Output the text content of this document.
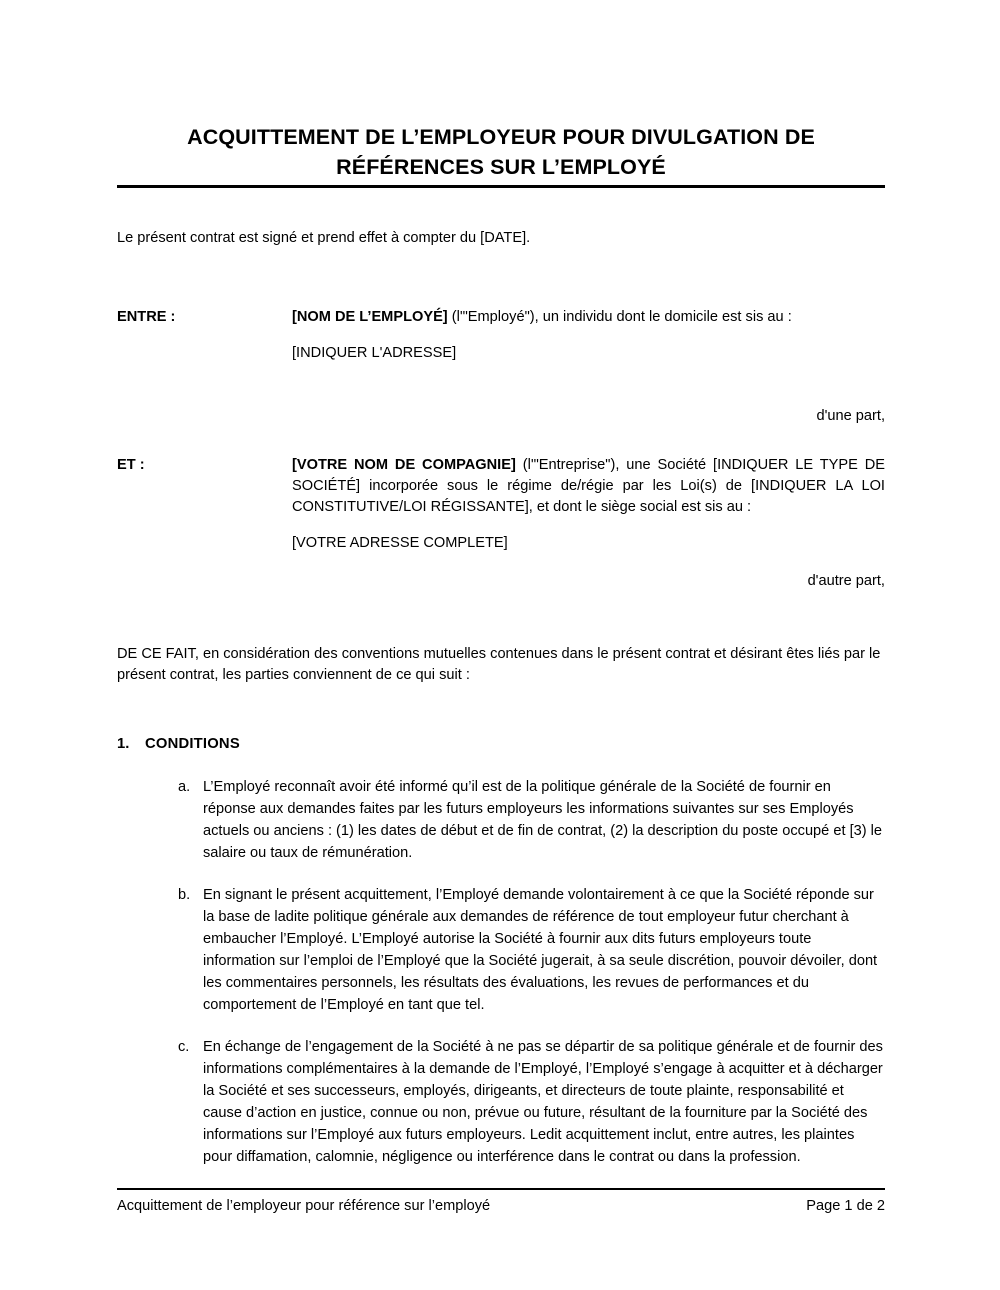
ACQUITTEMENT DE L’EMPLOYEUR POUR DIVULGATION DE RÉFÉRENCES SUR L’EMPLOYÉ

Le présent contrat est signé et prend effet à compter du [DATE].

ENTRE :	[NOM DE L’EMPLOYÉ] (l'"Employé"), un individu dont le domicile est sis au :
[INDIQUER L'ADRESSE]
d'une part,
ET :	[VOTRE NOM DE COMPAGNIE] (l'"Entreprise"), une Société [INDIQUER LE TYPE DE SOCIÉTÉ] incorporée sous le régime de/régie par les Loi(s) de [INDIQUER LA LOI CONSTITUTIVE/LOI RÉGISSANTE], et dont le siège social est sis au :
[VOTRE ADRESSE COMPLETE]
d'autre part,

DE CE FAIT, en considération des conventions mutuelles contenues dans le présent contrat et désirant êtes liés par le présent contrat, les parties conviennent de ce qui suit :

1.	CONDITIONS
a. L’Employé reconnaît avoir été informé qu’il est de la politique générale de la Société de fournir en réponse aux demandes faites par les futurs employeurs les informations suivantes sur ses Employés actuels ou anciens : (1) les dates de début et de fin de contrat, (2) la description du poste occupé et [3) le salaire ou taux de rémunération.
b. En signant le présent acquittement, l’Employé demande volontairement à ce que la Société réponde sur la base de ladite politique générale aux demandes de référence de tout employeur futur cherchant à embaucher l’Employé. L’Employé autorise la Société à fournir aux dits futurs employeurs toute information sur l’emploi de l’Employé que la Société jugerait, à sa seule discrétion, pouvoir dévoiler, dont les commentaires personnels, les résultats des évaluations, les revues de performances et du comportement de l’Employé en tant que tel.
c. En échange de l’engagement de la Société à ne pas se départir de sa politique générale et de fournir des informations complémentaires à la demande de l’Employé, l’Employé s’engage à acquitter et à décharger la Société et ses successeurs, employés, dirigeants, et directeurs de toute plainte, responsabilité et cause d’action en justice, connue ou non, prévue ou future, résultant de la fourniture par la Société des informations sur l’Employé aux futurs employeurs. Ledit acquittement inclut, entre autres, les plaintes pour diffamation, calomnie, négligence ou interférence dans le contrat ou dans la profession.
Acquittement de l’employeur pour référence sur l’employé	Page 1 de 2
